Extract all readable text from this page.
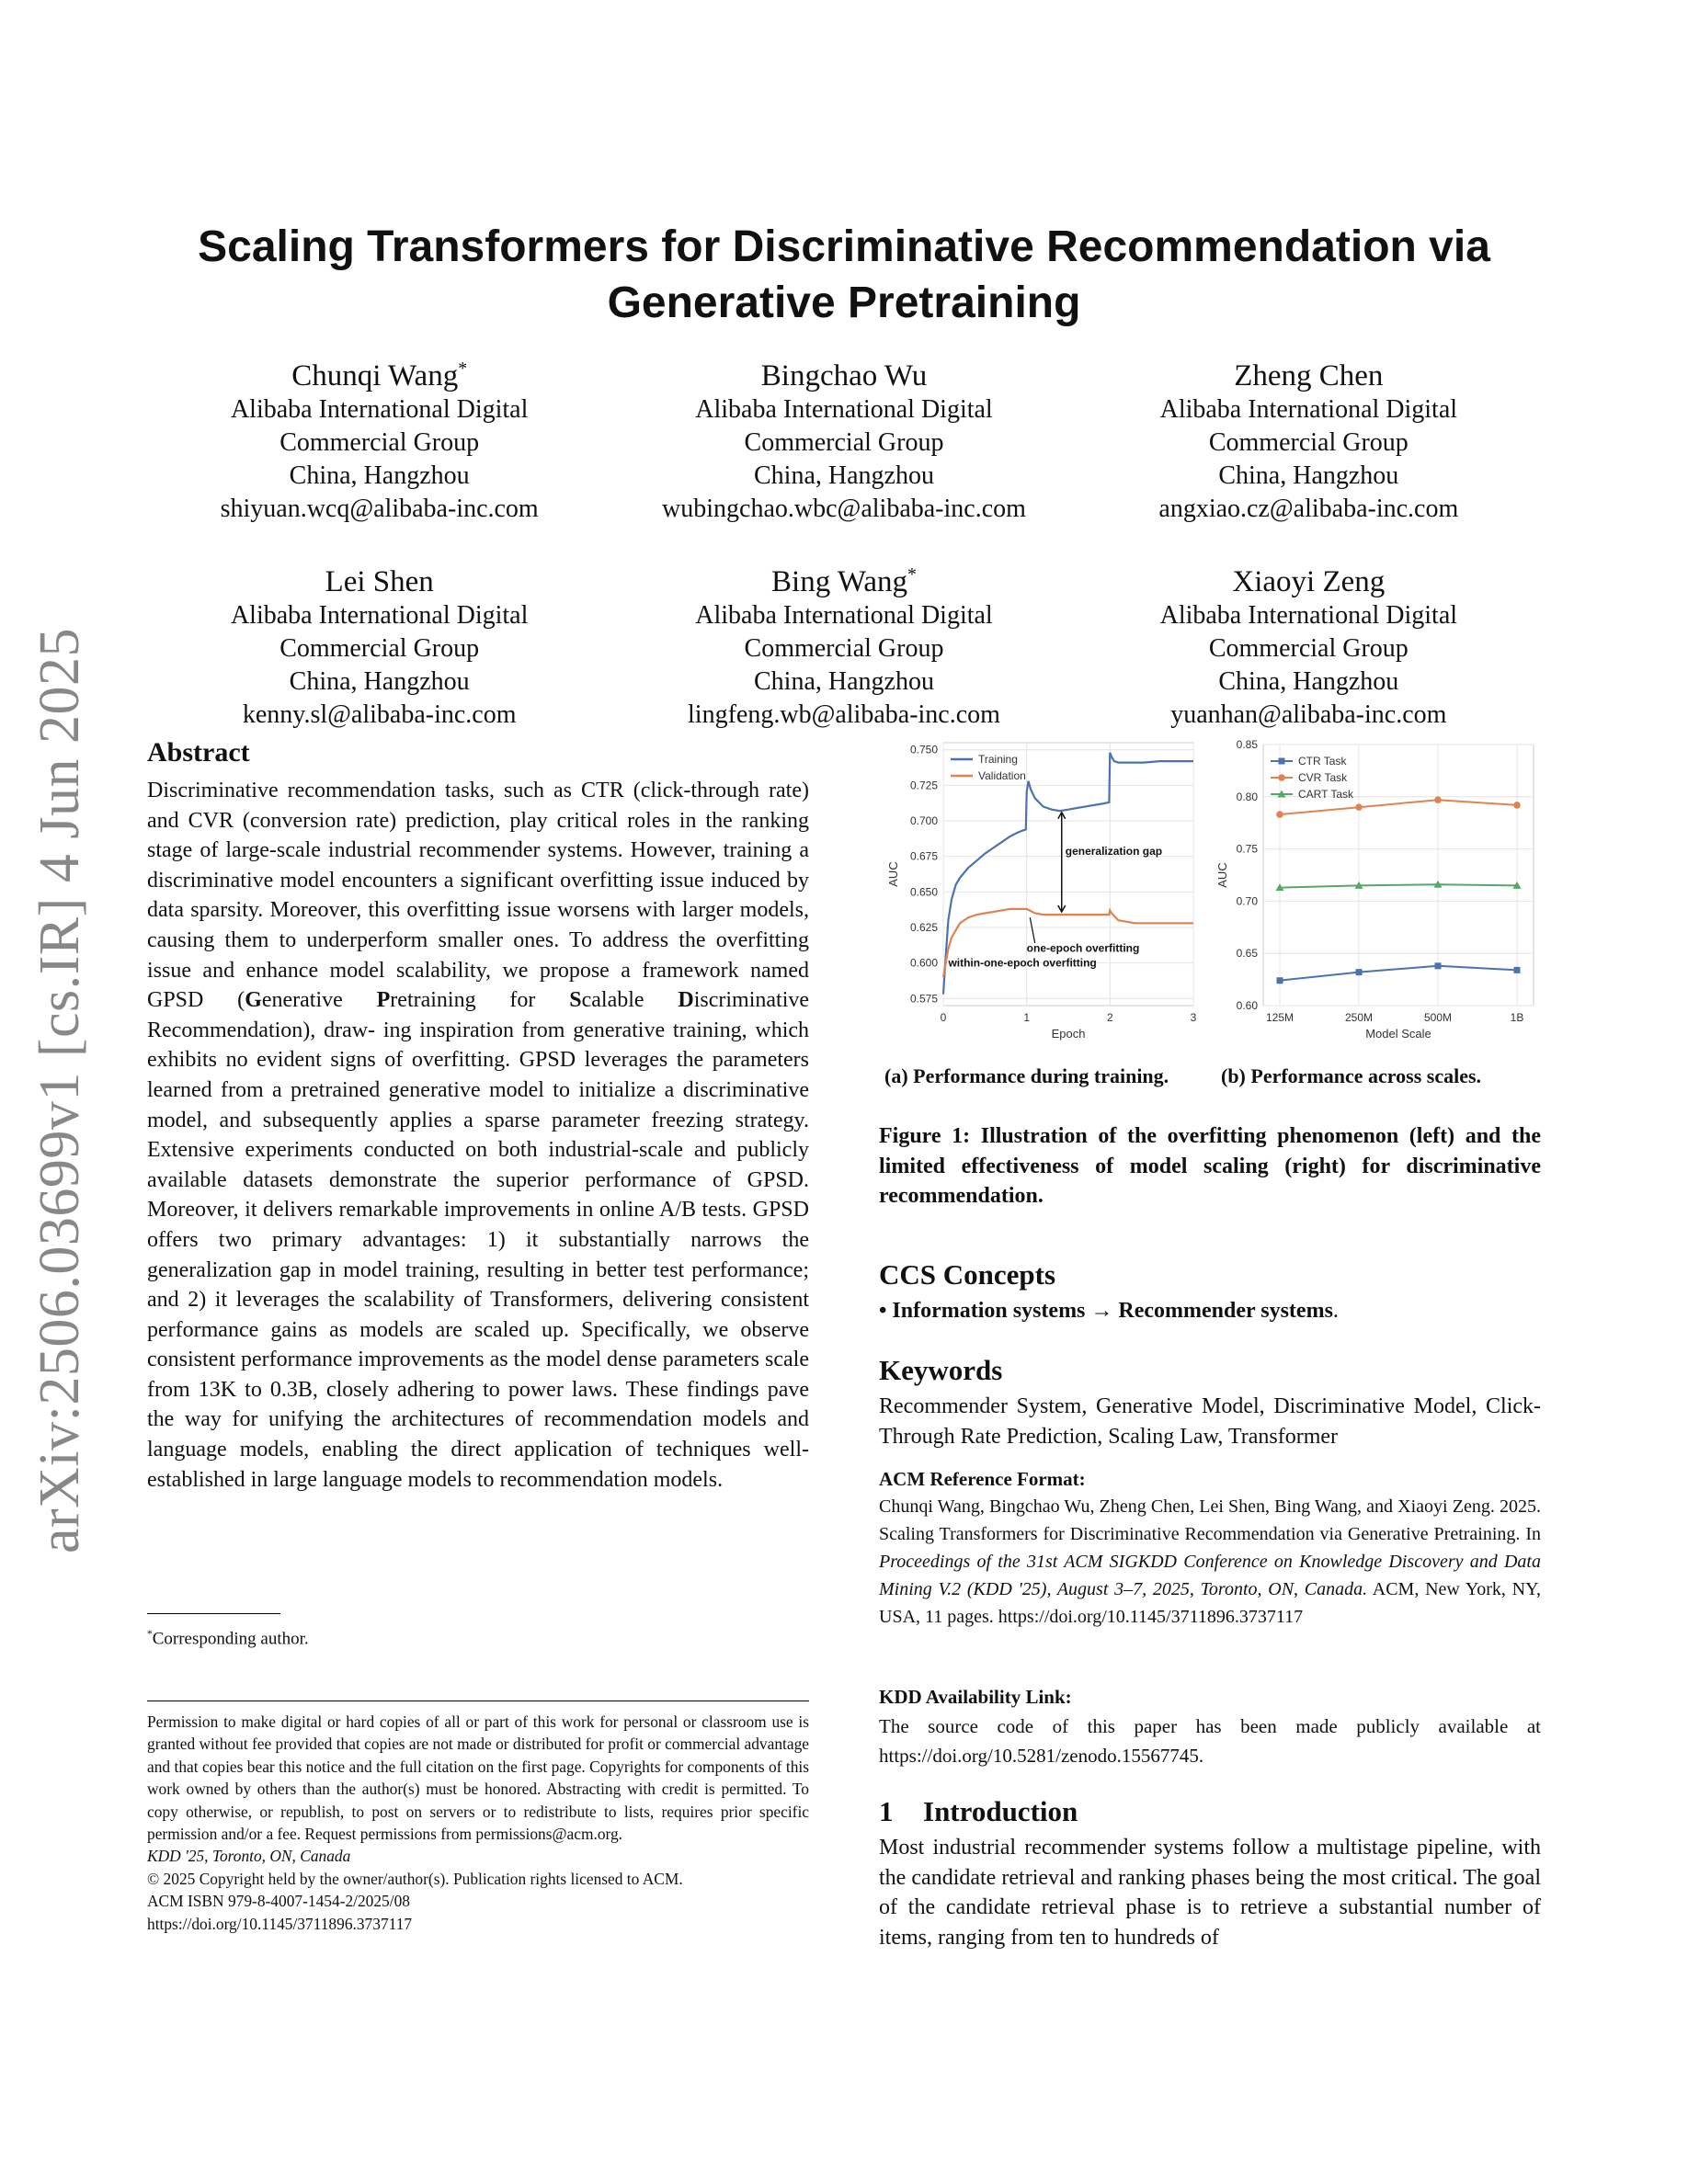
arXiv:2506.03699v1 [cs.IR] 4 Jun 2025
Scaling Transformers for Discriminative Recommendation via
Generative Pretraining
Chunqi Wang*
Alibaba International Digital
Commercial Group
China, Hangzhou
shiyuan.wcq@alibaba-inc.com
Bingchao Wu
Alibaba International Digital
Commercial Group
China, Hangzhou
wubingchao.wbc@alibaba-inc.com
Zheng Chen
Alibaba International Digital
Commercial Group
China, Hangzhou
angxiao.cz@alibaba-inc.com
Lei Shen
Alibaba International Digital
Commercial Group
China, Hangzhou
kenny.sl@alibaba-inc.com
Bing Wang*
Alibaba International Digital
Commercial Group
China, Hangzhou
lingfeng.wb@alibaba-inc.com
Xiaoyi Zeng
Alibaba International Digital
Commercial Group
China, Hangzhou
yuanhan@alibaba-inc.com
Abstract

Discriminative recommendation tasks, such as CTR (click-through rate) and CVR (conversion rate) prediction, play critical roles in the ranking stage of large-scale industrial recommender systems. However, training a discriminative model encounters a significant overfitting issue induced by data sparsity. Moreover, this overfitting issue worsens with larger models, causing them to underperform smaller ones. To address the overfitting issue and enhance model scalability, we propose a framework named GPSD (Generative Pretraining for Scalable Discriminative Recommendation), draw- ing inspiration from generative training, which exhibits no evident signs of overfitting. GPSD leverages the parameters learned from a pretrained generative model to initialize a discriminative model, and subsequently applies a sparse parameter freezing strategy. Extensive experiments conducted on both industrial-scale and publicly available datasets demonstrate the superior performance of GPSD. Moreover, it delivers remarkable improvements in online A/B tests. GPSD offers two primary advantages: 1) it substantially narrows the generalization gap in model training, resulting in better test performance; and 2) it leverages the scalability of Transformers, delivering consistent performance gains as models are scaled up. Specifically, we observe consistent performance improvements as the model dense parameters scale from 13K to 0.3B, closely adhering to power laws. These findings pave the way for unifying the architectures of recommendation models and language models, enabling the direct application of techniques well-established in large language models to recommendation models.

*Corresponding author.

Permission to make digital or hard copies of all or part of this work for personal or classroom use is granted without fee provided that copies are not made or distributed for profit or commercial advantage and that copies bear this notice and the full citation on the first page. Copyrights for components of this work owned by others than the author(s) must be honored. Abstracting with credit is permitted. To copy otherwise, or republish, to post on servers or to redistribute to lists, requires prior specific permission and/or a fee. Request permissions from permissions@acm.org.

KDD '25, Toronto, ON, Canada
© 2025 Copyright held by the owner/author(s). Publication rights licensed to ACM.
ACM ISBN 979-8-4007-1454-2/2025/08
https://doi.org/10.1145/3711896.3737117
0.575
0.600
0.625
0.650
0.675
0.700
0.725
0.750
0	1	2	3
Epoch
AUC
Training
Validation
generalization gap
one-epoch overfitting
within-one-epoch overfitting
0.60
0.65
0.70
0.75
0.80
0.85
125M	250M	500M	1B
Model Scale
AUC
CTR Task
CVR Task
CART Task
(a) Performance during training.	(b) Performance across scales.
Figure 1: Illustration of the overfitting phenomenon (left) and the limited effectiveness of model scaling (right) for discriminative recommendation.
CCS Concepts
• Information systems → Recommender systems.
Keywords

Recommender System, Generative Model, Discriminative Model, Click-Through Rate Prediction, Scaling Law, Transformer

ACM Reference Format:

Chunqi Wang, Bingchao Wu, Zheng Chen, Lei Shen, Bing Wang, and Xiaoyi Zeng. 2025. Scaling Transformers for Discriminative Recommendation via Generative Pretraining. In Proceedings of the 31st ACM SIGKDD Conference on Knowledge Discovery and Data Mining V.2 (KDD '25), August 3–7, 2025, Toronto, ON, Canada. ACM, New York, NY, USA, 11 pages. https://doi.org/10.1145/3711896.3737117

KDD Availability Link:

The source code of this paper has been made publicly available at https://doi.org/10.5281/zenodo.15567745.

1 Introduction

Most industrial recommender systems follow a multistage pipeline, with the candidate retrieval and ranking phases being the most critical. The goal of the candidate retrieval phase is to retrieve a substantial number of items, ranging from ten to hundreds of
